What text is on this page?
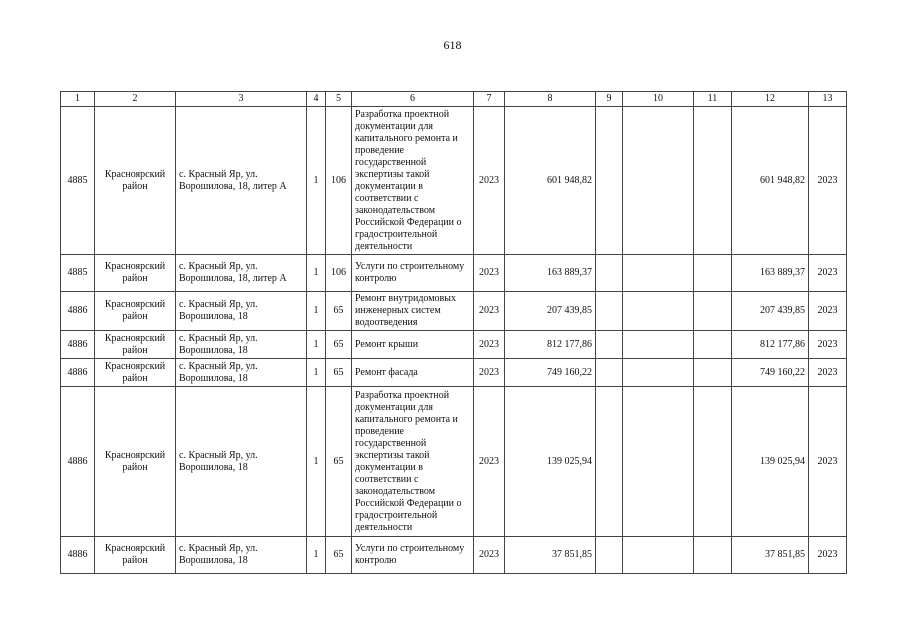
618
1	2	3	4	5	6	7	8	9	10	11	12	13
4885	Красноярский район	с. Красный Яр, ул. Ворошилова, 18, литер А	1	106	Разработка проектной документации для капитального ремонта и проведение государственной экспертизы такой документации в соответствии с законодательством Российской Федерации о градостроительной деятельности	2023	601 948,82				601 948,82	2023
4885	Красноярский район	с. Красный Яр, ул. Ворошилова, 18, литер А	1	106	Услуги по строительному контролю	2023	163 889,37				163 889,37	2023
4886	Красноярский район	с. Красный Яр, ул. Ворошилова, 18	1	65	Ремонт внутридомовых инженерных систем водоотведения	2023	207 439,85				207 439,85	2023
4886	Красноярский район	с. Красный Яр, ул. Ворошилова, 18	1	65	Ремонт крыши	2023	812 177,86				812 177,86	2023
4886	Красноярский район	с. Красный Яр, ул. Ворошилова, 18	1	65	Ремонт фасада	2023	749 160,22				749 160,22	2023
4886	Красноярский район	с. Красный Яр, ул. Ворошилова, 18	1	65	Разработка проектной документации для капитального ремонта и проведение государственной экспертизы такой документации в соответствии с законодательством Российской Федерации о градостроительной деятельности	2023	139 025,94				139 025,94	2023
4886	Красноярский район	с. Красный Яр, ул. Ворошилова, 18	1	65	Услуги по строительному контролю	2023	37 851,85				37 851,85	2023
